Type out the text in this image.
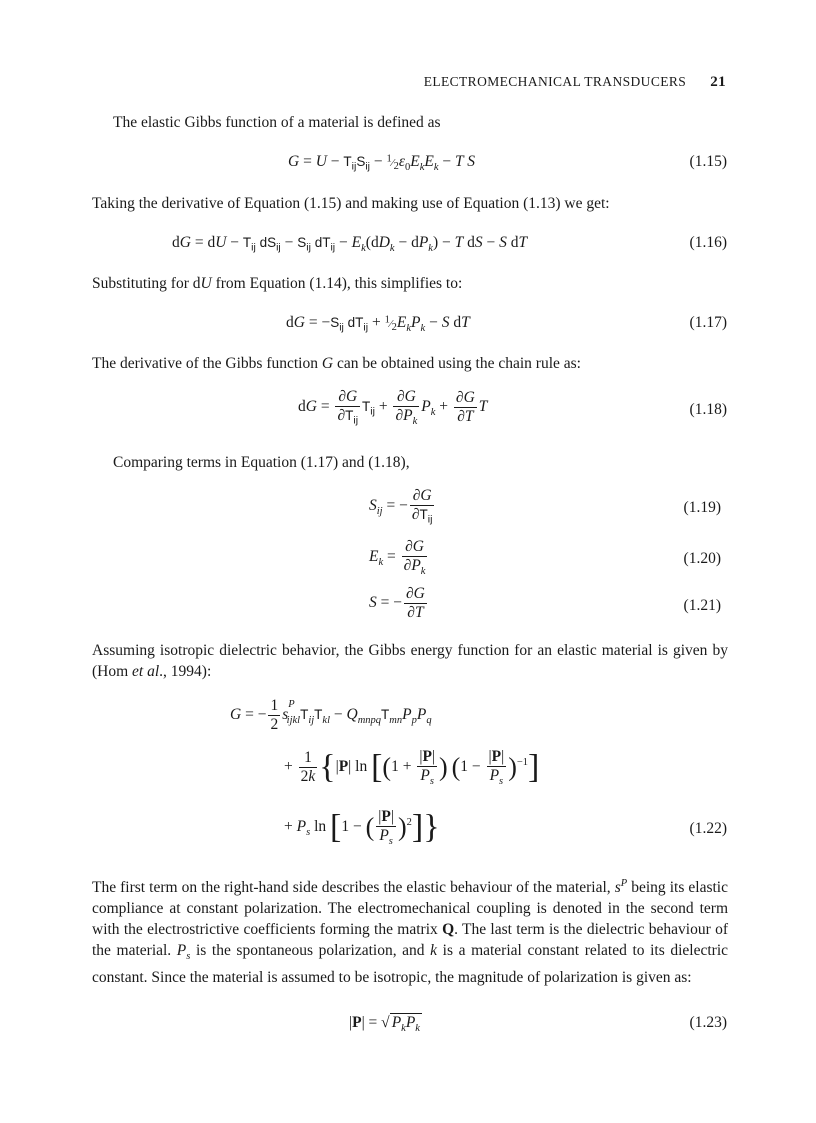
ELECTROMECHANICAL TRANSDUCERS 21
The elastic Gibbs function of a material is defined as
$G = U - T_{ij}S_{ij}$ − $^1⁄_2\varepsilon_0E_kE_k - T$ S	(1.15)
Taking the derivative of Equation (1.15) and making use of Equation (1.13) we get:
dG = dU − $T_{ij}$ $dS_{ij} - S_{ij}$ $dT_{ij} - E_k(dD_k - dP_k) - T$ dS − S dT	(1.16)
Substituting for dU from Equation (1.14), this simplifies to:
dG = $-S_{ij}$ $dT_{ij}$ + $^1⁄_2E_kP_k - S$ dT	(1.17)
The derivative of the Gibbs function G can be obtained using the chain rule as:
dG = $\frac{\partial G}{\partial T_{ij}} T_{ij} + \frac{\partial G}{\partial P_k} P_k + \frac{\partial G}{\partial T}$ T	(1.18)
Comparing terms in Equation (1.17) and (1.18),
$S_{ij}$ = − $\frac{\partial G}{\partial T_{ij}}$	(1.19)
$E_k = \frac{\partial G}{\partial P_k}$	(1.20)
S = − $\frac{\partial G}{\partial T}$	(1.21)
Assuming isotropic dielectric behavior, the Gibbs energy function for an elastic material is given by (Hom et al., 1994):
G = − $\frac{1}{2} s^P_{ijkl}T_{ij}T_{kl} - Q_{mnpq}T_{mn}P_pP_q$
+ $\frac{1}{2k} \{|P|$ $\ln [(1 + \frac{|P|}{P_s}$ ) $(1 - \frac{|P|}{P_s} )^{-1}$]
+ $P_s$ ln [1 − ( $\frac{|P|}{P_s} )^2$]}	(1.22)
The first term on the right-hand side describes the elastic behaviour of the material, $s^P$ being its elastic compliance at constant polarization. The electromechanical coupling is denoted in the second term with the electrostrictive coefficients forming the matrix Q. The last term is the dielectric behaviour of the material. $P_s$ is the spontaneous polarization, and k is a material constant related to its dielectric constant. Since the material is assumed to be isotropic, the magnitude of polarization is given as:
|P| = √ $P_kP_k$	(1.23)
